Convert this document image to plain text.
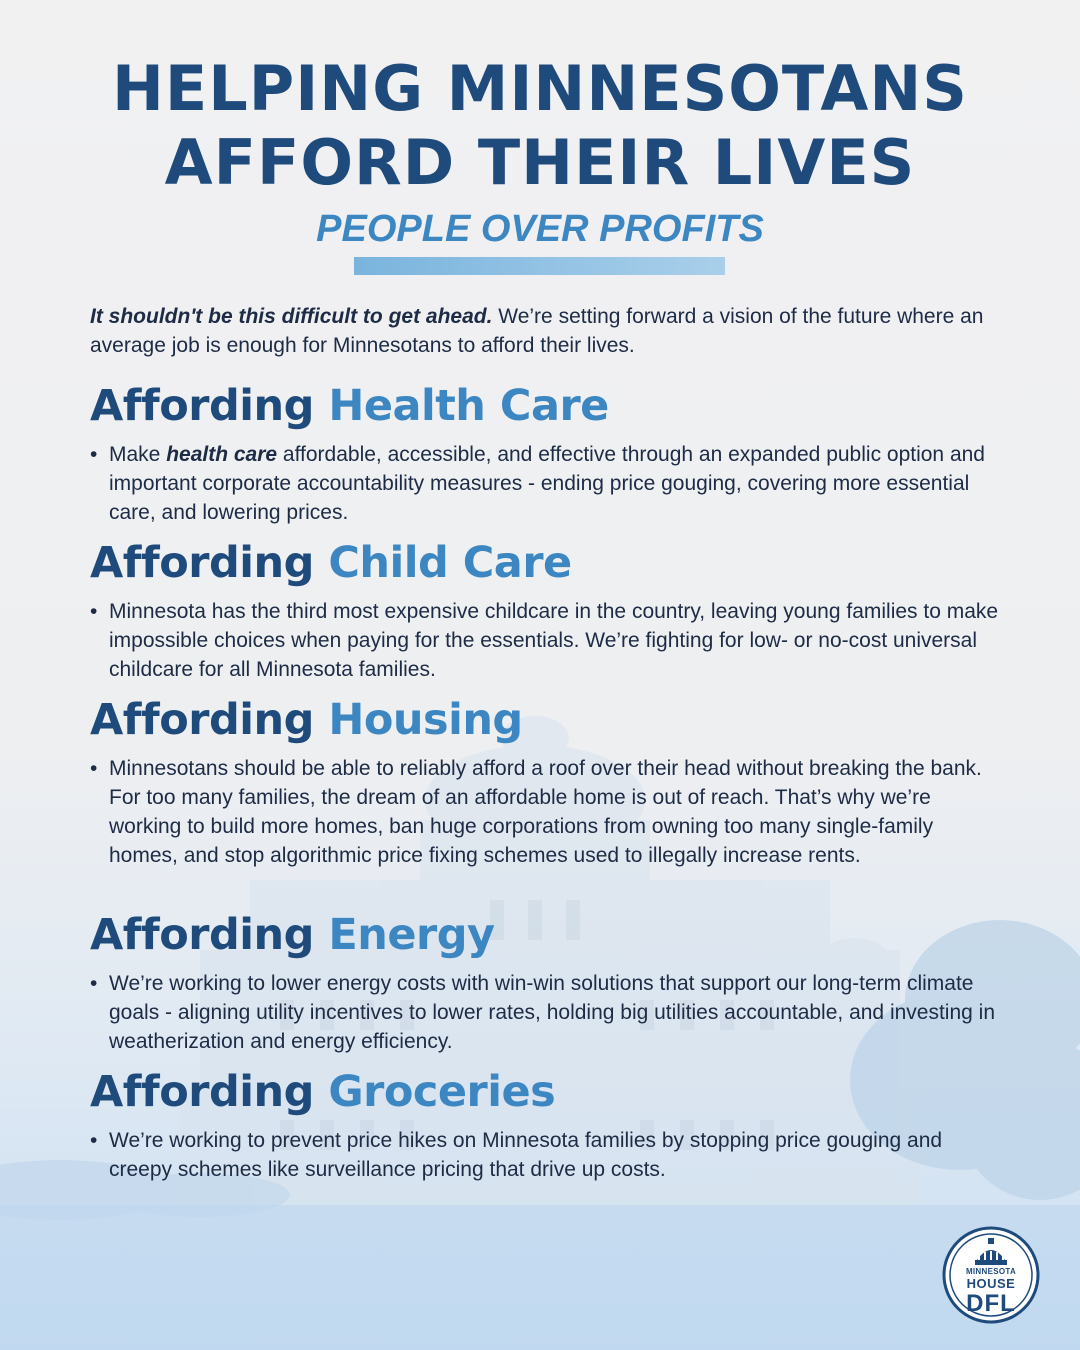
HELPING MINNESOTANS
AFFORD THEIR LIVES
PEOPLE OVER PROFITS

It shouldn't be this difficult to get ahead. We’re setting forward a vision of the future where an average job is enough for Minnesotans to afford their lives.

Affording Health Care
• Make health care affordable, accessible, and effective through an expanded public option and important corporate accountability measures - ending price gouging, covering more essential care, and lowering prices.
Affording Child Care
• Minnesota has the third most expensive childcare in the country, leaving young families to make impossible choices when paying for the essentials. We’re fighting for low- or no-cost universal childcare for all Minnesota families.
Affording Housing
• Minnesotans should be able to reliably afford a roof over their head without breaking the bank. For too many families, the dream of an affordable home is out of reach. That’s why we’re working to build more homes, ban huge corporations from owning too many single-family homes, and stop algorithmic price fixing schemes used to illegally increase rents.
Affording Energy
• We’re working to lower energy costs with win-win solutions that support our long-term climate goals - aligning utility incentives to lower rates, holding big utilities accountable, and investing in weatherization and energy efficiency.
Affording Groceries
• We’re working to prevent price hikes on Minnesota families by stopping price gouging and creepy schemes like surveillance pricing that drive up costs.
MINNESOTA
HOUSE
DFL
